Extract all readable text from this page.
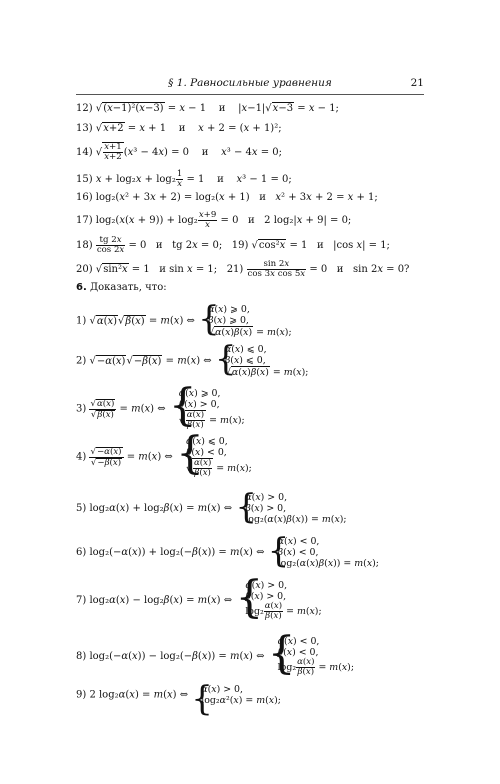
§ 1. Равносильные уравнения	21
12) √(x−1)²(x−3) = x − 1    и    |x−1|√x−3 = x − 1;
13) √x+2 = x + 1    и    x + 2 = (x + 1)²;
14) √ $\frac{x+1}{x+2} (x^3 - 4x) = 0$    и    x³ − 4x = 0;
15) $x + \log_2x + \log_2 \frac{1}{x} = 1$    и    x³ − 1 = 0;
16) log₂(x² + 3x + 2) = log₂(x + 1)   и   x² + 3x + 2 = x + 1;
17) $\log_2(x(x + 9)) + \log_2 \frac{x+9}{x} = 0$   и   2 log₂|x + 9| = 0;
$18) \frac{tg 2x}{\cos 2x} = 0$   и   tg 2x = 0;   19) √cos²x = 1   и   |cos x| = 1;
20) √sin²x = 1   и sin x = 1;   $21) \frac{\sin 2x}{\text{cos 3x cos 5x}} = 0$   и   sin 2x = 0?
6. Доказать, что:
1) √α(x)√β(x) = m(x) ⇔ { α(x) ⩾ 0,
β(x) ⩾ 0,
√α(x)β(x) = m(x);
2) √−α(x)√−β(x) = m(x) ⇔ { α(x) ⩽ 0,
β(x) ⩽ 0,
√α(x)β(x) = m(x);
$3) \frac{√\alpha(x)}{√\beta(x)} = m(x)$ ⇔ { α(x) ⩾ 0,
β(x) > 0,
√ $\frac{\alpha(x)}{\beta(x)} = m(x)$;
$4) \frac{√-\alpha(x)}{√-\beta(x)} = m(x)$ ⇔ { α(x) ⩽ 0,
β(x) < 0,
√ $\frac{\alpha(x)}{\beta(x)} = m(x)$;
5) log₂α(x) + log₂β(x) = m(x) ⇔ { α(x) > 0,
β(x) > 0,
log₂(α(x)β(x)) = m(x);
6) log₂(−α(x)) + log₂(−β(x)) = m(x) ⇔ { α(x) < 0,
β(x) < 0,
log₂(α(x)β(x)) = m(x);
7) log₂α(x) − log₂β(x) = m(x) ⇔ { α(x) > 0,
β(x) > 0,
$\log_2 \frac{\alpha(x)}{\beta(x)} = m(x)$;
8) log₂(−α(x)) − log₂(−β(x)) = m(x) ⇔ { α(x) < 0,
β(x) < 0,
$\log_2 \frac{\alpha(x)}{\beta(x)} = m(x)$;
9) 2 log₂α(x) = m(x) ⇔ { α(x) > 0,
log₂α²(x) = m(x);
